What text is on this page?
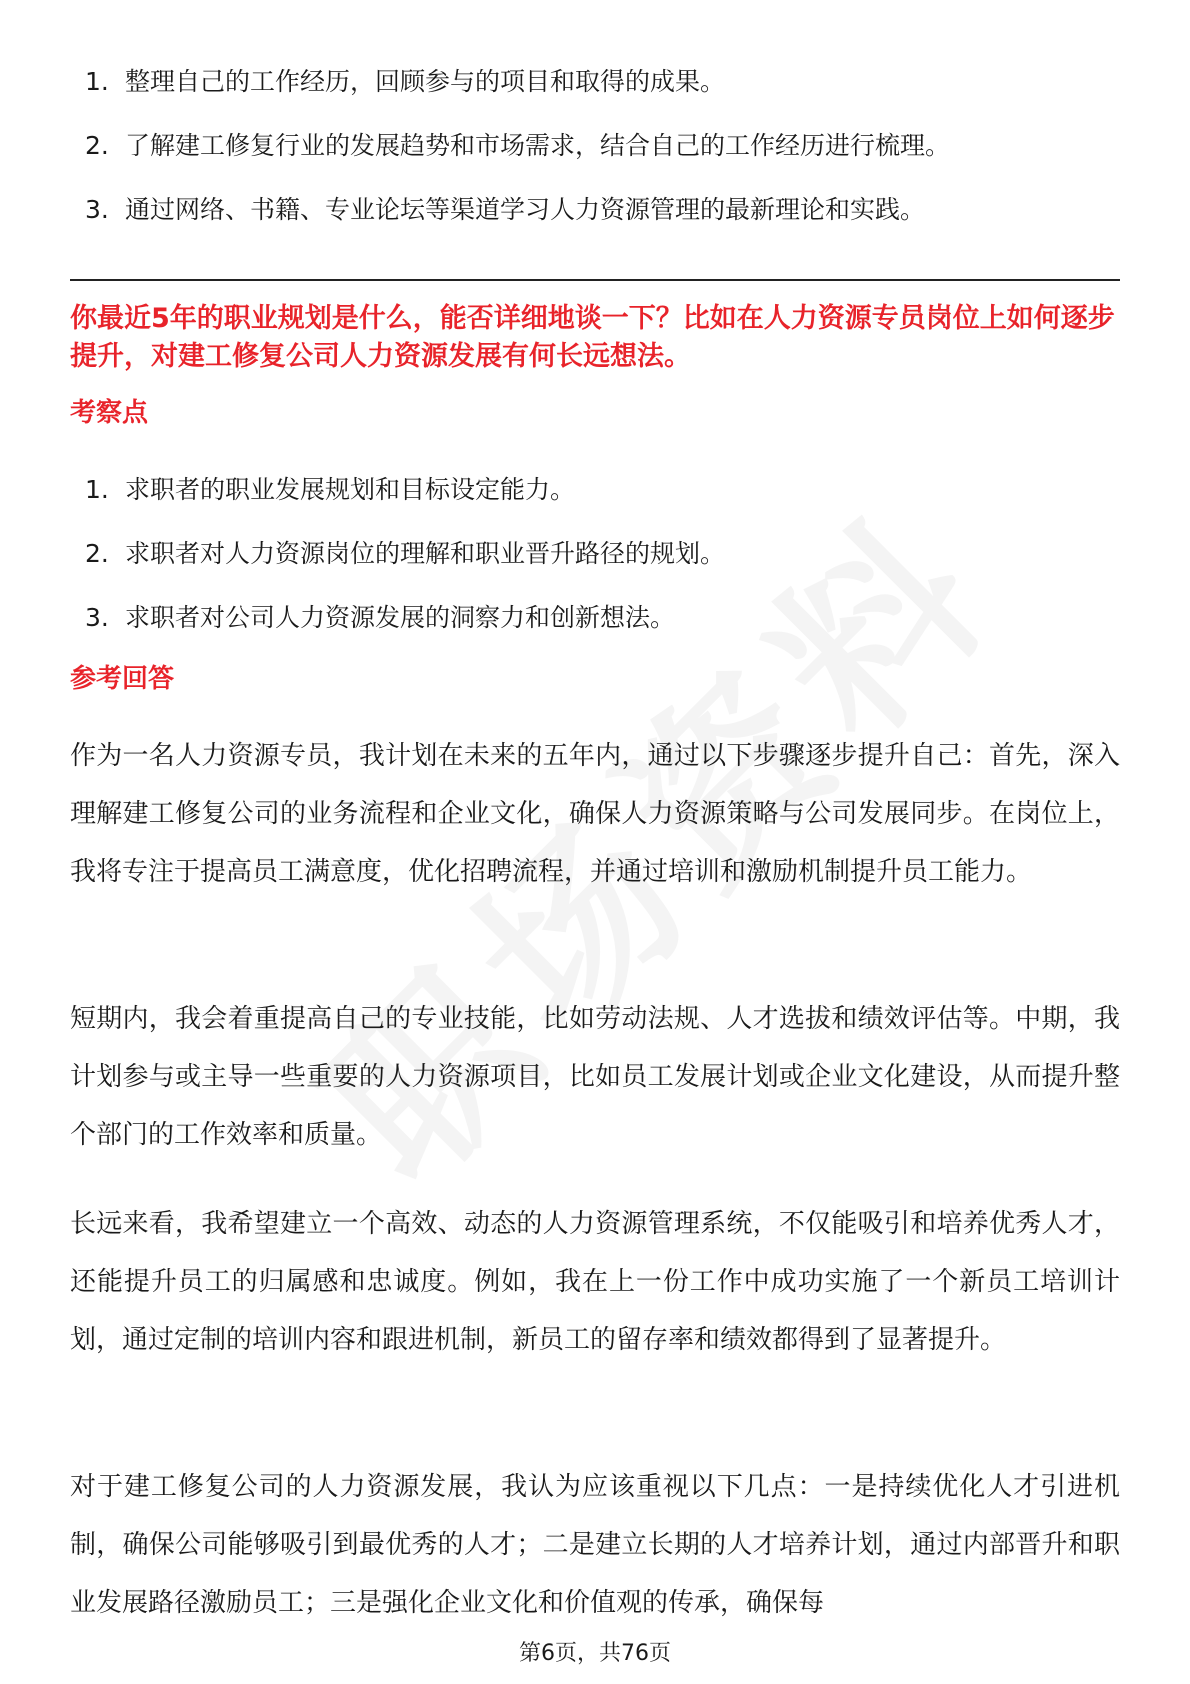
1. 整理自己的工作经历，回顾参与的项目和取得的成果。
2. 了解建工修复行业的发展趋势和市场需求，结合自己的工作经历进行梳理。
3. 通过网络、书籍、专业论坛等渠道学习人力资源管理的最新理论和实践。

你最近5年的职业规划是什么，能否详细地谈一下？比如在人力资源专员岗位上如何逐步提升，对建工修复公司人力资源发展有何长远想法。

考察点

1. 求职者的职业发展规划和目标设定能力。
2. 求职者对人力资源岗位的理解和职业晋升路径的规划。
3. 求职者对公司人力资源发展的洞察力和创新想法。

参考回答

作为一名人力资源专员，我计划在未来的五年内，通过以下步骤逐步提升自己：首先，深入理解建工修复公司的业务流程和企业文化，确保人力资源策略与公司发展同步。在岗位上，我将专注于提高员工满意度，优化招聘流程，并通过培训和激励机制提升员工能力。

短期内，我会着重提高自己的专业技能，比如劳动法规、人才选拔和绩效评估等。中期，我计划参与或主导一些重要的人力资源项目，比如员工发展计划或企业文化建设，从而提升整个部门的工作效率和质量。

长远来看，我希望建立一个高效、动态的人力资源管理系统，不仅能吸引和培养优秀人才，还能提升员工的归属感和忠诚度。例如，我在上一份工作中成功实施了一个新员工培训计划，通过定制的培训内容和跟进机制，新员工的留存率和绩效都得到了显著提升。

对于建工修复公司的人力资源发展，我认为应该重视以下几点：一是持续优化人才引进机制，确保公司能够吸引到最优秀的人才；二是建立长期的人才培养计划，通过内部晋升和职业发展路径激励员工；三是强化企业文化和价值观的传承，确保每

第6页，共76页
